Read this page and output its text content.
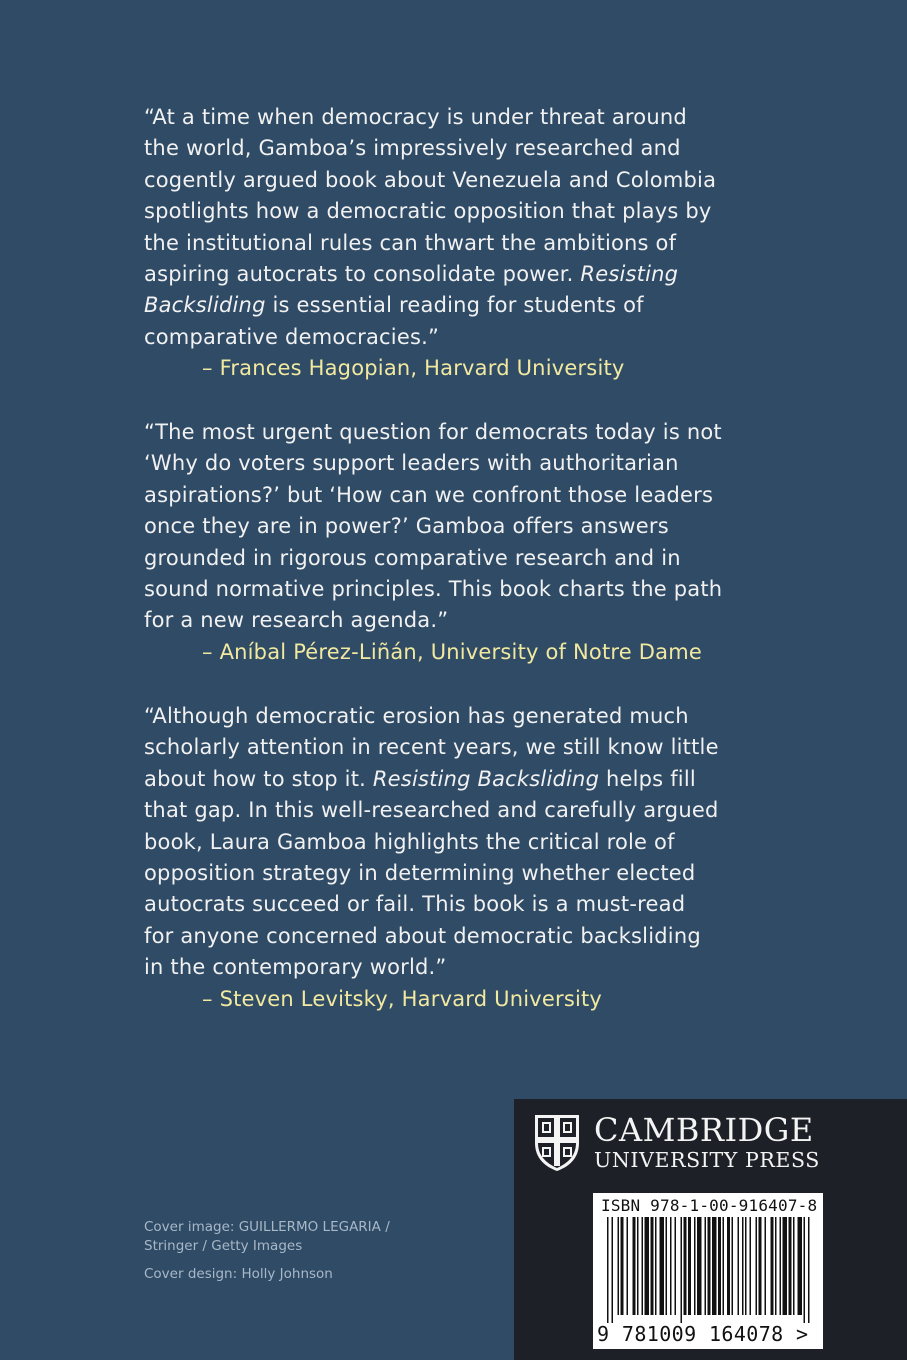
“At a time when democracy is under threat around

the world, Gamboa’s impressively researched and

cogently argued book about Venezuela and Colombia

spotlights how a democratic opposition that plays by

the institutional rules can thwart the ambitions of

aspiring autocrats to consolidate power. Resisting

Backsliding is essential reading for students of

comparative democracies.”

– Frances Hagopian, Harvard University

“The most urgent question for democrats today is not

‘Why do voters support leaders with authoritarian

aspirations?’ but ‘How can we confront those leaders

once they are in power?’ Gamboa offers answers

grounded in rigorous comparative research and in

sound normative principles. This book charts the path

for a new research agenda.”

– Aníbal Pérez-Liñán, University of Notre Dame

“Although democratic erosion has generated much

scholarly attention in recent years, we still know little

about how to stop it. Resisting Backsliding helps fill

that gap. In this well-researched and carefully argued

book, Laura Gamboa highlights the critical role of

opposition strategy in determining whether elected

autocrats succeed or fail. This book is a must-read

for anyone concerned about democratic backsliding

in the contemporary world.”

– Steven Levitsky, Harvard University

Cover image: GUILLERMO LEGARIA /
Stringer / Getty Images

Cover design: Holly Johnson

CAMBRIDGE
UNIVERSITY PRESS
ISBN 978-1-00-916407-8
9 781009 164078 >
